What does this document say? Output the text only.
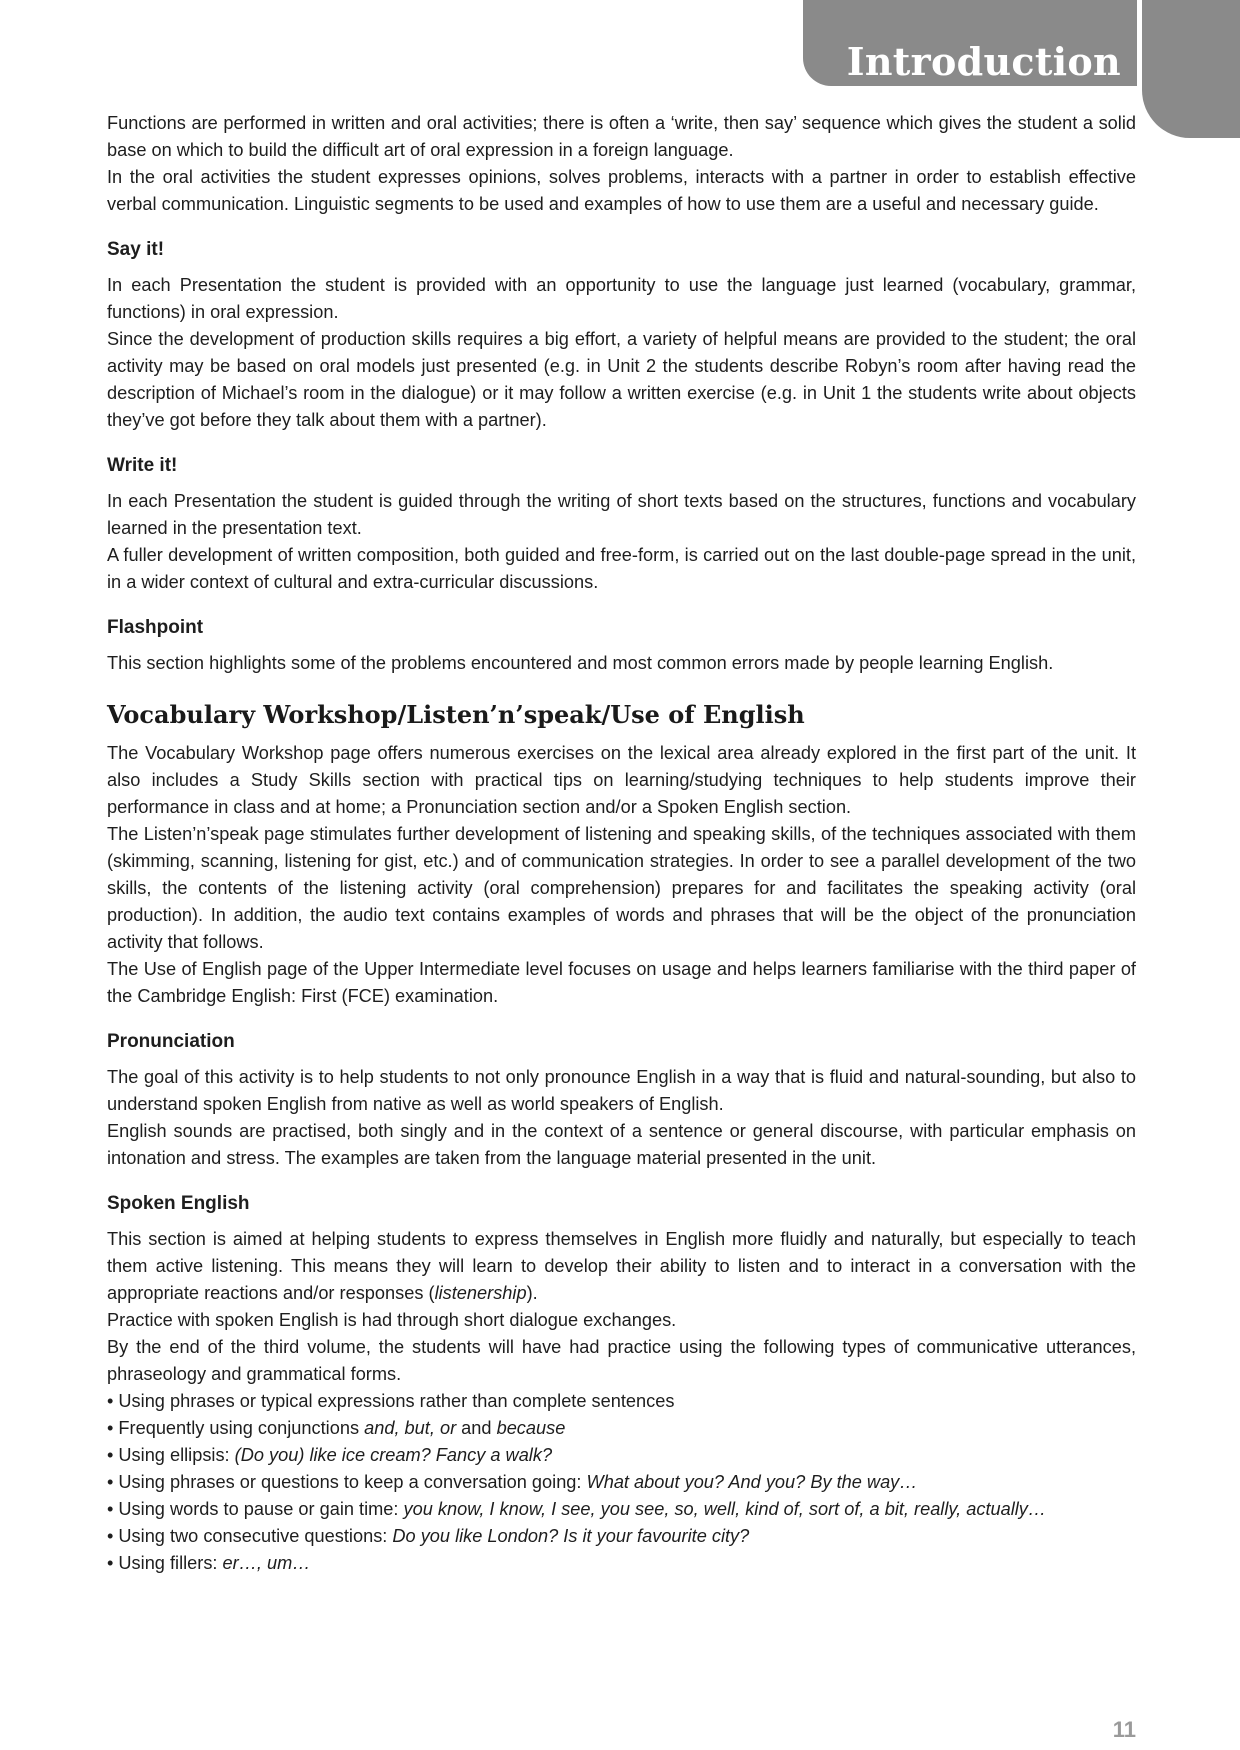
Introduction

Functions are performed in written and oral activities; there is often a ‘write, then say’ sequence which gives the student a solid base on which to build the difficult art of oral expression in a foreign language.

In the oral activities the student expresses opinions, solves problems, interacts with a partner in order to establish effective verbal communication. Linguistic segments to be used and examples of how to use them are a useful and necessary guide.

Say it!

In each Presentation the student is provided with an opportunity to use the language just learned (vocabulary, grammar, functions) in oral expression.

Since the development of production skills requires a big effort, a variety of helpful means are provided to the student; the oral activity may be based on oral models just presented (e.g. in Unit 2 the students describe Robyn’s room after having read the description of Michael’s room in the dialogue) or it may follow a written exercise (e.g. in Unit 1 the students write about objects they’ve got before they talk about them with a partner).

Write it!

In each Presentation the student is guided through the writing of short texts based on the structures, functions and vocabulary learned in the presentation text.

A fuller development of written composition, both guided and free-form, is carried out on the last double-page spread in the unit, in a wider context of cultural and extra-curricular discussions.

Flashpoint

This section highlights some of the problems encountered and most common errors made by people learning English.

Vocabulary Workshop/Listen’n’speak/Use of English

The Vocabulary Workshop page offers numerous exercises on the lexical area already explored in the first part of the unit. It also includes a Study Skills section with practical tips on learning/studying techniques to help students improve their performance in class and at home; a Pronunciation section and/or a Spoken English section.

The Listen’n’speak page stimulates further development of listening and speaking skills, of the techniques associated with them (skimming, scanning, listening for gist, etc.) and of communication strategies. In order to see a parallel development of the two skills, the contents of the listening activity (oral comprehension) prepares for and facilitates the speaking activity (oral production). In addition, the audio text contains examples of words and phrases that will be the object of the pronunciation activity that follows.

The Use of English page of the Upper Intermediate level focuses on usage and helps learners familiarise with the third paper of the Cambridge English: First (FCE) examination.

Pronunciation

The goal of this activity is to help students to not only pronounce English in a way that is fluid and natural-sounding, but also to understand spoken English from native as well as world speakers of English.

English sounds are practised, both singly and in the context of a sentence or general discourse, with particular emphasis on intonation and stress. The examples are taken from the language material presented in the unit.

Spoken English

This section is aimed at helping students to express themselves in English more fluidly and naturally, but especially to teach them active listening. This means they will learn to develop their ability to listen and to interact in a conversation with the appropriate reactions and/or responses (listenership).

Practice with spoken English is had through short dialogue exchanges.

By the end of the third volume, the students will have had practice using the following types of communicative utterances, phraseology and grammatical forms.

• Using phrases or typical expressions rather than complete sentences
• Frequently using conjunctions and, but, or and because
• Using ellipsis: (Do you) like ice cream? Fancy a walk?
• Using phrases or questions to keep a conversation going: What about you? And you? By the way…
• Using words to pause or gain time: you know, I know, I see, you see, so, well, kind of, sort of, a bit, really, actually…
• Using two consecutive questions: Do you like London? Is it your favourite city?
• Using fillers: er…, um…
11
